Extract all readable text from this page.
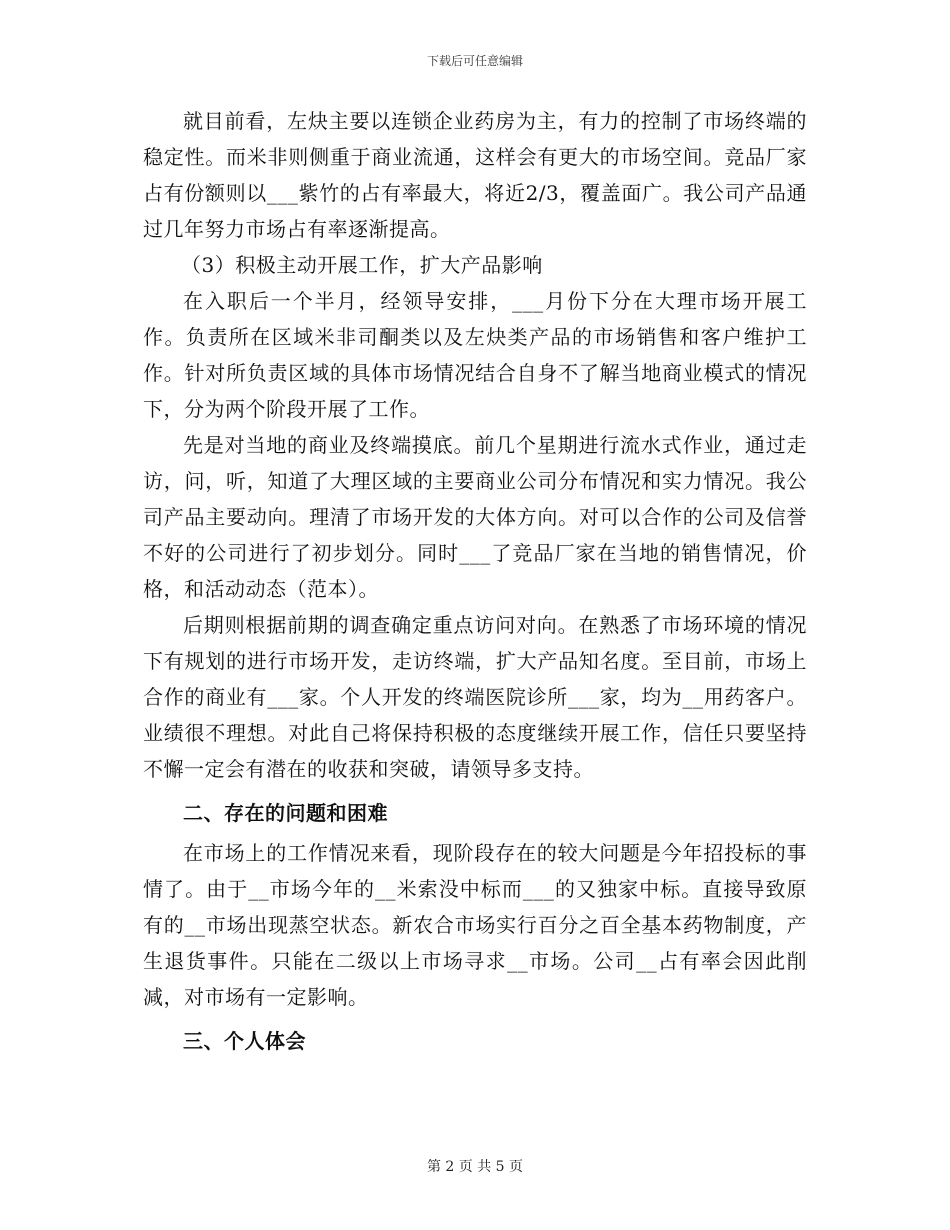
下载后可任意编辑

就目前看，左炔主要以连锁企业药房为主，有力的控制了市场终端的稳定性。而米非则侧重于商业流通，这样会有更大的市场空间。竞品厂家占有份额则以___紫竹的占有率最大，将近2/3，覆盖面广。我公司产品通过几年努力市场占有率逐渐提高。

（3）积极主动开展工作，扩大产品影响

在入职后一个半月，经领导安排，___月份下分在大理市场开展工作。负责所在区域米非司酮类以及左炔类产品的市场销售和客户维护工作。针对所负责区域的具体市场情况结合自身不了解当地商业模式的情况下，分为两个阶段开展了工作。

先是对当地的商业及终端摸底。前几个星期进行流水式作业，通过走访，问，听，知道了大理区域的主要商业公司分布情况和实力情况。我公司产品主要动向。理清了市场开发的大体方向。对可以合作的公司及信誉不好的公司进行了初步划分。同时___了竞品厂家在当地的销售情况，价格，和活动动态（范本）。

后期则根据前期的调查确定重点访问对向。在熟悉了市场环境的情况下有规划的进行市场开发，走访终端，扩大产品知名度。至目前，市场上合作的商业有___家。个人开发的终端医院诊所___家，均为__用药客户。业绩很不理想。对此自己将保持积极的态度继续开展工作，信任只要坚持不懈一定会有潜在的收获和突破，请领导多支持。

二、存在的问题和困难

在市场上的工作情况来看，现阶段存在的较大问题是今年招投标的事情了。由于__市场今年的__米索没中标而___的又独家中标。直接导致原有的__市场出现蒸空状态。新农合市场实行百分之百全基本药物制度，产生退货事件。只能在二级以上市场寻求__市场。公司__占有率会因此削减，对市场有一定影响。

三、个人体会

第 2 页 共 5 页
